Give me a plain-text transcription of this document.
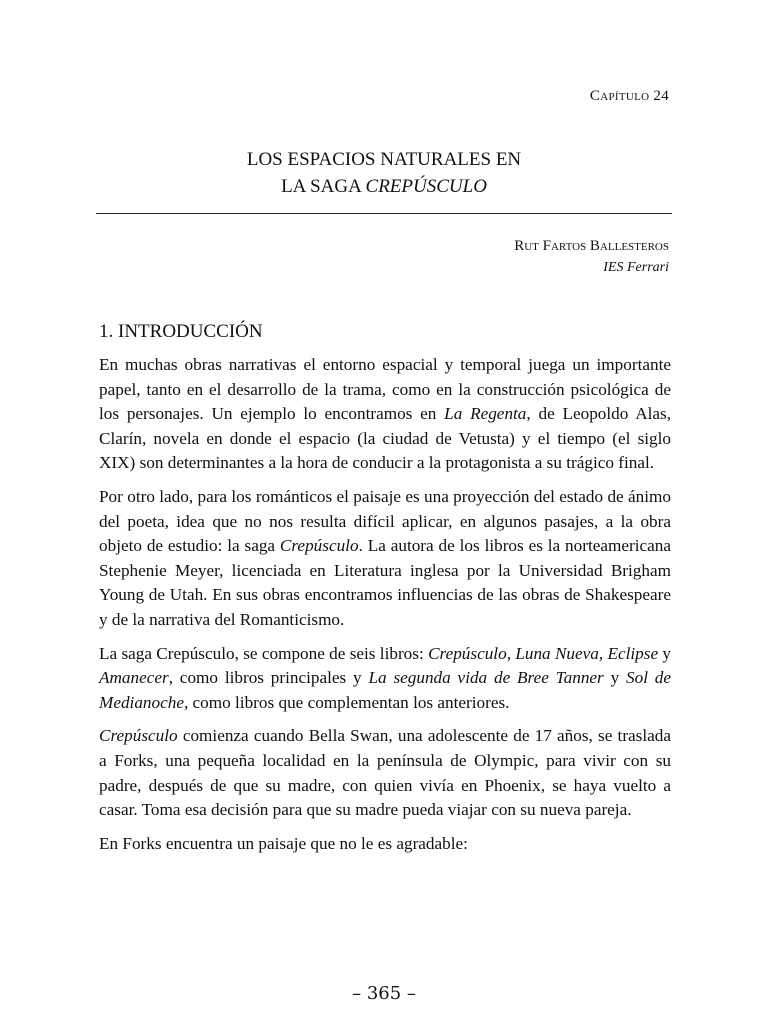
Capítulo 24
LOS ESPACIOS NATURALES EN
LA SAGA CREPÚSCULO
Rut Fartos Ballesteros
IES Ferrari
1. INTRODUCCIÓN

En muchas obras narrativas el entorno espacial y temporal juega un importante papel, tanto en el desarrollo de la trama, como en la construcción psicológica de los personajes. Un ejemplo lo encontramos en La Regenta, de Leopoldo Alas, Clarín, novela en donde el espacio (la ciudad de Vetusta) y el tiempo (el siglo XIX) son determinantes a la hora de conducir a la protagonista a su trágico final.

Por otro lado, para los románticos el paisaje es una proyección del estado de ánimo del poeta, idea que no nos resulta difícil aplicar, en algunos pasajes, a la obra objeto de estudio: la saga Crepúsculo. La autora de los libros es la norteamericana Stephenie Meyer, licenciada en Literatura inglesa por la Universidad Brigham Young de Utah. En sus obras encontramos influencias de las obras de Shakespeare y de la narrativa del Romanticismo.

La saga Crepúsculo, se compone de seis libros: Crepúsculo, Luna Nueva, Eclipse y Amanecer, como libros principales y La segunda vida de Bree Tanner y Sol de Medianoche, como libros que complementan los anteriores.

Crepúsculo comienza cuando Bella Swan, una adolescente de 17 años, se traslada a Forks, una pequeña localidad en la península de Olympic, para vivir con su padre, después de que su madre, con quien vivía en Phoenix, se haya vuelto a casar. Toma esa decisión para que su madre pueda viajar con su nueva pareja.

En Forks encuentra un paisaje que no le es agradable:

– 365 –
